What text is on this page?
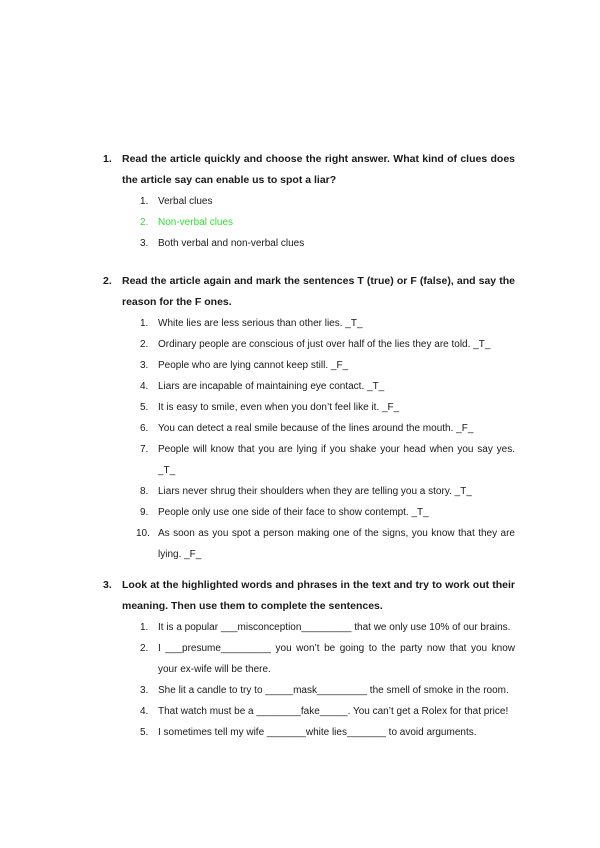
1. Read the article quickly and choose the right answer. What kind of clues does the article say can enable us to spot a liar?
1. Verbal clues
2. Non-verbal clues
3. Both verbal and non-verbal clues
2. Read the article again and mark the sentences T (true) or F (false), and say the reason for the F ones.
1. White lies are less serious than other lies. _T_
2. Ordinary people are conscious of just over half of the lies they are told. _T_
3. People who are lying cannot keep still. _F_
4. Liars are incapable of maintaining eye contact. _T_
5. It is easy to smile, even when you don’t feel like it. _F_
6. You can detect a real smile because of the lines around the mouth. _F_
7. People will know that you are lying if you shake your head when you say yes. _T_
8. Liars never shrug their shoulders when they are telling you a story. _T_
9. People only use one side of their face to show contempt. _T_
10. As soon as you spot a person making one of the signs, you know that they are lying. _F_
3. Look at the highlighted words and phrases in the text and try to work out their meaning. Then use them to complete the sentences.
1. It is a popular ___misconception_________ that we only use 10% of our brains.
2. I ___presume_________ you won’t be going to the party now that you know your ex-wife will be there.
3. She lit a candle to try to _____mask_________ the smell of smoke in the room.
4. That watch must be a ________fake_____. You can’t get a Rolex for that price!
5. I sometimes tell my wife _______white lies_______ to avoid arguments.
